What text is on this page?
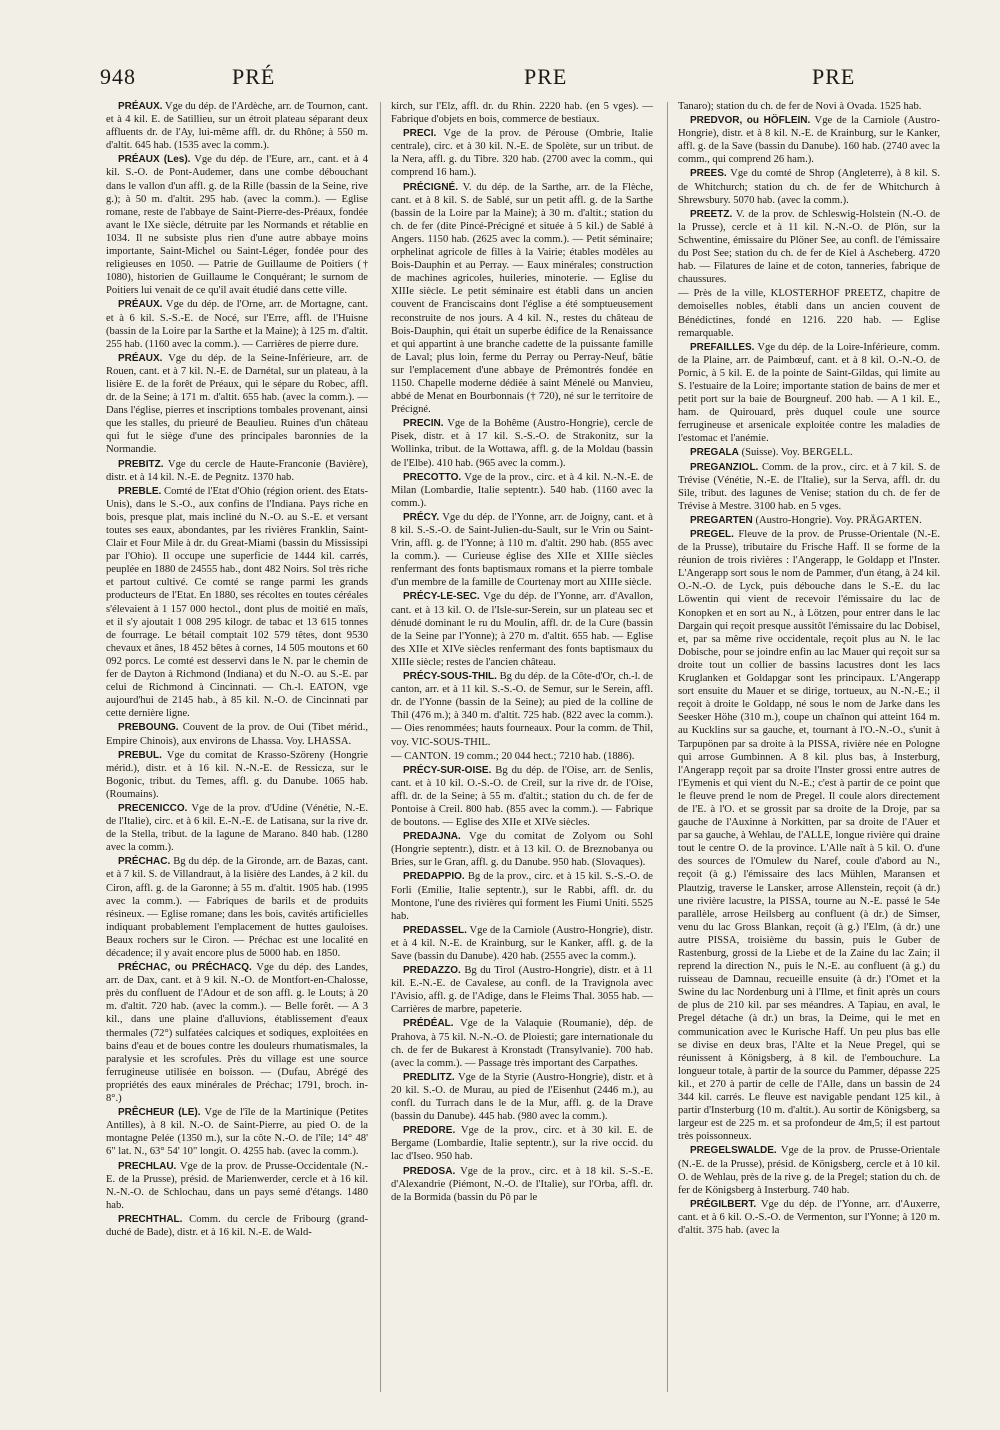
948	PRÉ	PRE	PRE

PRÉAUX. Vge du dép. de l'Ardèche, arr. de Tournon, cant. et à 4 kil. E. de Satillieu, sur un étroit plateau séparant deux affluents dr. de l'Ay, lui-même affl. dr. du Rhône; à 550 m. d'altit. 645 hab. (1535 avec la comm.).

PRÉAUX (Les). Vge du dép. de l'Eure, arr., cant. et à 4 kil. S.-O. de Pont-Audemer, dans une combe débouchant dans le vallon d'un affl. g. de la Rille (bassin de la Seine, rive g.); à 50 m. d'altit. 295 hab. (avec la comm.). — Eglise romane, reste de l'abbaye de Saint-Pierre-des-Préaux, fondée avant le IXe siècle, détruite par les Normands et rétablie en 1034. Il ne subsiste plus rien d'une autre abbaye moins importante, Saint-Michel ou Saint-Léger, fondée pour des religieuses en 1050. — Patrie de Guillaume de Poitiers († 1080), historien de Guillaume le Conquérant; le surnom de Poitiers lui venait de ce qu'il avait étudié dans cette ville.

PRÉAUX. Vge du dép. de l'Orne, arr. de Mortagne, cant. et à 6 kil. S.-S.-E. de Nocé, sur l'Erre, affl. de l'Huisne (bassin de la Loire par la Sarthe et la Maine); à 125 m. d'altit. 255 hab. (1160 avec la comm.). — Carrières de pierre dure.

PRÉAUX. Vge du dép. de la Seine-Inférieure, arr. de Rouen, cant. et à 7 kil. N.-E. de Darnétal, sur un plateau, à la lisière E. de la forêt de Préaux, qui le sépare du Robec, affl. dr. de la Seine; à 171 m. d'altit. 655 hab. (avec la comm.). — Dans l'église, pierres et inscriptions tombales provenant, ainsi que les stalles, du prieuré de Beaulieu. Ruines d'un château qui fut le siège d'une des principales baronnies de la Normandie.

PREBITZ. Vge du cercle de Haute-Franconie (Bavière), distr. et à 14 kil. N.-E. de Pegnitz. 1370 hab.

PREBLE. Comté de l'Etat d'Ohio (région orient. des Etats-Unis), dans le S.-O., aux confins de l'Indiana. Pays riche en bois, presque plat, mais incliné du N.-O. au S.-E. et versant toutes ses eaux, abondantes, par les rivières Franklin, Saint-Clair et Four Mile à dr. du Great-Miami (bassin du Mississipi par l'Ohio). Il occupe une superficie de 1444 kil. carrés, peuplée en 1880 de 24555 hab., dont 482 Noirs. Sol très riche et partout cultivé. Ce comté se range parmi les grands producteurs de l'Etat. En 1880, ses récoltes en toutes céréales s'élevaient à 1 157 000 hectol., dont plus de moitié en maïs, et il s'y ajoutait 1 008 295 kilogr. de tabac et 13 615 tonnes de fourrage. Le bétail comptait 102 579 têtes, dont 9530 chevaux et ânes, 18 452 bêtes à cornes, 14 505 moutons et 60 092 porcs. Le comté est desservi dans le N. par le chemin de fer de Dayton à Richmond (Indiana) et du N.-O. au S.-E. par celui de Richmond à Cincinnati. — Ch.-l. EATON, vge aujourd'hui de 2145 hab., à 85 kil. N.-O. de Cincinnati par cette dernière ligne.

PREBOUNG. Couvent de la prov. de Oui (Tibet mérid., Empire Chinois), aux environs de Lhassa. Voy. LHASSA.

PREBUL. Vge du comitat de Krasso-Szöreny (Hongrie mérid.), distr. et à 16 kil. N.-N.-E. de Ressicza, sur le Bogonic, tribut. du Temes, affl. g. du Danube. 1065 hab. (Roumains).

PRECENICCO. Vge de la prov. d'Udine (Vénétie, N.-E. de l'Italie), circ. et à 6 kil. E.-N.-E. de Latisana, sur la rive dr. de la Stella, tribut. de la lagune de Marano. 840 hab. (1280 avec la comm.).

PRÉCHAC. Bg du dép. de la Gironde, arr. de Bazas, cant. et à 7 kil. S. de Villandraut, à la lisière des Landes, à 2 kil. du Ciron, affl. g. de la Garonne; à 55 m. d'altit. 1905 hab. (1995 avec la comm.). — Fabriques de barils et de produits résineux. — Eglise romane; dans les bois, cavités artificielles indiquant probablement l'emplacement de huttes gauloises. Beaux rochers sur le Ciron. — Préchac est une localité en décadence; il y avait encore plus de 5000 hab. en 1850.

PRÉCHAC, ou PRÉCHACQ. Vge du dép. des Landes, arr. de Dax, cant. et à 9 kil. N.-O. de Montfort-en-Chalosse, près du confluent de l'Adour et de son affl. g. le Louts; à 20 m. d'altit. 720 hab. (avec la comm.). — Belle forêt. — A 3 kil., dans une plaine d'alluvions, établissement d'eaux thermales (72°) sulfatées calciques et sodiques, exploitées en bains d'eau et de boues contre les douleurs rhumatismales, la paralysie et les scrofules. Près du village est une source ferrugineuse utilisée en boisson. — (Dufau, Abrégé des propriétés des eaux minérales de Préchac; 1791, broch. in-8°.)

PRÊCHEUR (LE). Vge de l'île de la Martinique (Petites Antilles), à 8 kil. N.-O. de Saint-Pierre, au pied O. de la montagne Pelée (1350 m.), sur la côte N.-O. de l'île; 14° 48' 6" lat. N., 63° 54' 10" longit. O. 4255 hab. (avec la comm.).

PRECHLAU. Vge de la prov. de Prusse-Occidentale (N.-E. de la Prusse), présid. de Marienwerder, cercle et à 16 kil. N.-N.-O. de Schlochau, dans un pays semé d'étangs. 1480 hab.

PRECHTHAL. Comm. du cercle de Fribourg (grand-duché de Bade), distr. et à 16 kil. N.-E. de Wald-

kirch, sur l'Elz, affl. dr. du Rhin. 2220 hab. (en 5 vges). — Fabrique d'objets en bois, commerce de bestiaux.

PRECI. Vge de la prov. de Pérouse (Ombrie, Italie centrale), circ. et à 30 kil. N.-E. de Spolète, sur un tribut. de la Nera, affl. g. du Tibre. 320 hab. (2700 avec la comm., qui comprend 16 ham.).

PRÉCIGNÉ. V. du dép. de la Sarthe, arr. de la Flèche, cant. et à 8 kil. S. de Sablé, sur un petit affl. g. de la Sarthe (bassin de la Loire par la Maine); à 30 m. d'altit.; station du ch. de fer (dite Pincé-Précigné et située à 5 kil.) de Sablé à Angers. 1150 hab. (2625 avec la comm.). — Petit séminaire; orphelinat agricole de filles à la Vairie; étables modèles au Bois-Dauphin et au Perray. — Eaux minérales; construction de machines agricoles, huileries, minoterie. — Eglise du XIIIe siècle. Le petit séminaire est établi dans un ancien couvent de Franciscains dont l'église a été somptueusement reconstruite de nos jours. A 4 kil. N., restes du château de Bois-Dauphin, qui était un superbe édifice de la Renaissance et qui appartint à une branche cadette de la puissante famille de Laval; plus loin, ferme du Perray ou Perray-Neuf, bâtie sur l'emplacement d'une abbaye de Prémontrés fondée en 1150. Chapelle moderne dédiée à saint Ménelé ou Manvieu, abbé de Menat en Bourbonnais († 720), né sur le territoire de Précigné.

PRECIN. Vge de la Bohême (Austro-Hongrie), cercle de Pisek, distr. et à 17 kil. S.-S.-O. de Strakonitz, sur la Wollinka, tribut. de la Wottawa, affl. g. de la Moldau (bassin de l'Elbe). 410 hab. (965 avec la comm.).

PRECOTTO. Vge de la prov., circ. et à 4 kil. N.-N.-E. de Milan (Lombardie, Italie septentr.). 540 hab. (1160 avec la comm.).

PRÉCY. Vge du dép. de l'Yonne, arr. de Joigny, cant. et à 8 kil. S.-S.-O. de Saint-Julien-du-Sault, sur le Vrin ou Saint-Vrin, affl. g. de l'Yonne; à 110 m. d'altit. 290 hab. (855 avec la comm.). — Curieuse église des XIIe et XIIIe siècles renfermant des fonts baptismaux romans et la pierre tombale d'un membre de la famille de Courtenay mort au XIIIe siècle.

PRÉCY-LE-SEC. Vge du dép. de l'Yonne, arr. d'Avallon, cant. et à 13 kil. O. de l'Isle-sur-Serein, sur un plateau sec et dénudé dominant le ru du Moulin, affl. dr. de la Cure (bassin de la Seine par l'Yonne); à 270 m. d'altit. 655 hab. — Eglise des XIIe et XIVe siècles renfermant des fonts baptismaux du XIIIe siècle; restes de l'ancien château.

PRÉCY-SOUS-THIL. Bg du dép. de la Côte-d'Or, ch.-l. de canton, arr. et à 11 kil. S.-S.-O. de Semur, sur le Serein, affl. dr. de l'Yonne (bassin de la Seine); au pied de la colline de Thil (476 m.); à 340 m. d'altit. 725 hab. (822 avec la comm.). — Oies renommées; hauts fourneaux. Pour la comm. de Thil, voy. VIC-SOUS-THIL.

— CANTON. 19 comm.; 20 044 hect.; 7210 hab. (1886).

PRÉCY-SUR-OISE. Bg du dép. de l'Oise, arr. de Senlis, cant. et à 10 kil. O.-S.-O. de Creil, sur la rive dr. de l'Oise, affl. dr. de la Seine; à 55 m. d'altit.; station du ch. de fer de Pontoise à Creil. 800 hab. (855 avec la comm.). — Fabrique de boutons. — Eglise des XIIe et XIVe siècles.

PREDAJNA. Vge du comitat de Zolyom ou Sohl (Hongrie septentr.), distr. et à 13 kil. O. de Breznobanya ou Bries, sur le Gran, affl. g. du Danube. 950 hab. (Slovaques).

PREDAPPIO. Bg de la prov., circ. et à 15 kil. S.-S.-O. de Forli (Emilie, Italie septentr.), sur le Rabbi, affl. dr. du Montone, l'une des rivières qui forment les Fiumi Uniti. 5525 hab.

PREDASSEL. Vge de la Carniole (Austro-Hongrie), distr. et à 4 kil. N.-E. de Krainburg, sur le Kanker, affl. g. de la Save (bassin du Danube). 420 hab. (2555 avec la comm.).

PREDAZZO. Bg du Tirol (Austro-Hongrie), distr. et à 11 kil. E.-N.-E. de Cavalese, au confl. de la Travignola avec l'Avisio, affl. g. de l'Adige, dans le Fleims Thal. 3055 hab. — Carrières de marbre, papeterie.

PRÉDÉAL. Vge de la Valaquie (Roumanie), dép. de Prahova, à 75 kil. N.-N.-O. de Ploiesti; gare internationale du ch. de fer de Bukarest à Kronstadt (Transylvanie). 700 hab. (avec la comm.). — Passage très important des Carpathes.

PREDLITZ. Vge de la Styrie (Austro-Hongrie), distr. et à 20 kil. S.-O. de Murau, au pied de l'Eisenhut (2446 m.), au confl. du Turrach dans le de la Mur, affl. g. de la Drave (bassin du Danube). 445 hab. (980 avec la comm.).

PREDORE. Vge de la prov., circ. et à 30 kil. E. de Bergame (Lombardie, Italie septentr.), sur la rive occid. du lac d'Iseo. 950 hab.

PREDOSA. Vge de la prov., circ. et à 18 kil. S.-S.-E. d'Alexandrie (Piémont, N.-O. de l'Italie), sur l'Orba, affl. dr. de la Bormida (bassin du Pô par le

Tanaro); station du ch. de fer de Novi à Ovada. 1525 hab.

PREDVOR, ou HÖFLEIN. Vge de la Carniole (Austro-Hongrie), distr. et à 8 kil. N.-E. de Krainburg, sur le Kanker, affl. g. de la Save (bassin du Danube). 160 hab. (2740 avec la comm., qui comprend 26 ham.).

PREES. Vge du comté de Shrop (Angleterre), à 8 kil. S. de Whitchurch; station du ch. de fer de Whitchurch à Shrewsbury. 5070 hab. (avec la comm.).

PREETZ. V. de la prov. de Schleswig-Holstein (N.-O. de la Prusse), cercle et à 11 kil. N.-N.-O. de Plön, sur la Schwentine, émissaire du Plöner See, au confl. de l'émissaire du Post See; station du ch. de fer de Kiel à Ascheberg. 4720 hab. — Filatures de laine et de coton, tanneries, fabrique de chaussures.

— Près de la ville, KLOSTERHOF PREETZ, chapitre de demoiselles nobles, établi dans un ancien couvent de Bénédictines, fondé en 1216. 220 hab. — Eglise remarquable.

PREFAILLES. Vge du dép. de la Loire-Inférieure, comm. de la Plaine, arr. de Paimbœuf, cant. et à 8 kil. O.-N.-O. de Pornic, à 5 kil. E. de la pointe de Saint-Gildas, qui limite au S. l'estuaire de la Loire; importante station de bains de mer et petit port sur la baie de Bourgneuf. 200 hab. — A 1 kil. E., ham. de Quirouard, près duquel coule une source ferrugineuse et arsenicale exploitée contre les maladies de l'estomac et l'anémie.

PREGALA (Suisse). Voy. BERGELL.

PREGANZIOL. Comm. de la prov., circ. et à 7 kil. S. de Trévise (Vénétie, N.-E. de l'Italie), sur la Serva, affl. dr. du Sile, tribut. des lagunes de Venise; station du ch. de fer de Trévise à Mestre. 3100 hab. en 5 vges.

PREGARTEN (Austro-Hongrie). Voy. PRÄGARTEN.

PREGEL. Fleuve de la prov. de Prusse-Orientale (N.-E. de la Prusse), tributaire du Frische Haff. Il se forme de la réunion de trois rivières : l'Angerapp, le Goldapp et l'Inster. L'Angerapp sort sous le nom de Pammer, d'un étang, à 24 kil. O.-N.-O. de Lyck, puis débouche dans le S.-E. du lac Löwentin qui vient de recevoir l'émissaire du lac de Konopken et en sort au N., à Lötzen, pour entrer dans le lac Dargain qui reçoit presque aussitôt l'émissaire du lac Dobisel, et, par sa même rive occidentale, reçoit plus au N. le lac Dobische, pour se joindre enfin au lac Mauer qui reçoit sur sa droite tout un collier de bassins lacustres dont les lacs Kruglanken et Goldapgar sont les principaux. L'Angerapp sort ensuite du Mauer et se dirige, tortueux, au N.-N.-E.; il reçoit à droite le Goldapp, né sous le nom de Jarke dans les Seesker Höhe (310 m.), coupe un chaînon qui atteint 164 m. au Kucklins sur sa gauche, et, tournant à l'O.-N.-O., s'unit à Tarpupönen par sa droite à la PISSA, rivière née en Pologne qui arrose Gumbinnen. A 8 kil. plus bas, à Insterburg, l'Angerapp reçoit par sa droite l'Inster grossi entre autres de l'Eymenis et qui vient du N.-E.; c'est à partir de ce point que le fleuve prend le nom de Pregel. Il coule alors directement de l'E. à l'O. et se grossit par sa droite de la Droje, par sa gauche de l'Auxinne à Norkitten, par sa droite de l'Auer et par sa gauche, à Wehlau, de l'ALLE, longue rivière qui draine tout le centre O. de la province. L'Alle naît à 5 kil. O. d'une des sources de l'Omulew du Naref, coule d'abord au N., reçoit (à g.) l'émissaire des lacs Mühlen, Maransen et Plautzig, traverse le Lansker, arrose Allenstein, reçoit (à dr.) une rivière lacustre, la PISSA, tourne au N.-E. passé le 54e parallèle, arrose Heilsberg au confluent (à dr.) de Simser, venu du lac Gross Blankan, reçoit (à g.) l'Elm, (à dr.) une autre PISSA, troisième du bassin, puis le Guber de Rastenburg, grossi de la Liebe et de la Zaine du lac Zain; il reprend la direction N., puis le N.-E. au confluent (à g.) du ruisseau de Damnau, recueille ensuite (à dr.) l'Omet et la Swine du lac Nordenburg uni à l'Ilme, et finit après un cours de plus de 210 kil. par ses méandres. A Tapiau, en aval, le Pregel détache (à dr.) un bras, la Deime, qui le met en communication avec le Kurische Haff. Un peu plus bas elle se divise en deux bras, l'Alte et la Neue Pregel, qui se réunissent à Königsberg, à 8 kil. de l'embouchure. La longueur totale, à partir de la source du Pammer, dépasse 225 kil., et 270 à partir de celle de l'Alle, dans un bassin de 24 344 kil. carrés. Le fleuve est navigable pendant 125 kil., à partir d'Insterburg (10 m. d'altit.). Au sortir de Königsberg, sa largeur est de 225 m. et sa profondeur de 4m,5; il est partout très poissonneux.

PREGELSWALDE. Vge de la prov. de Prusse-Orientale (N.-E. de la Prusse), présid. de Königsberg, cercle et à 10 kil. O. de Wehlau, près de la rive g. de la Pregel; station du ch. de fer de Königsberg à Insterburg. 740 hab.

PRÉGILBERT. Vge du dép. de l'Yonne, arr. d'Auxerre, cant. et à 6 kil. O.-S.-O. de Vermenton, sur l'Yonne; à 120 m. d'altit. 375 hab. (avec la
